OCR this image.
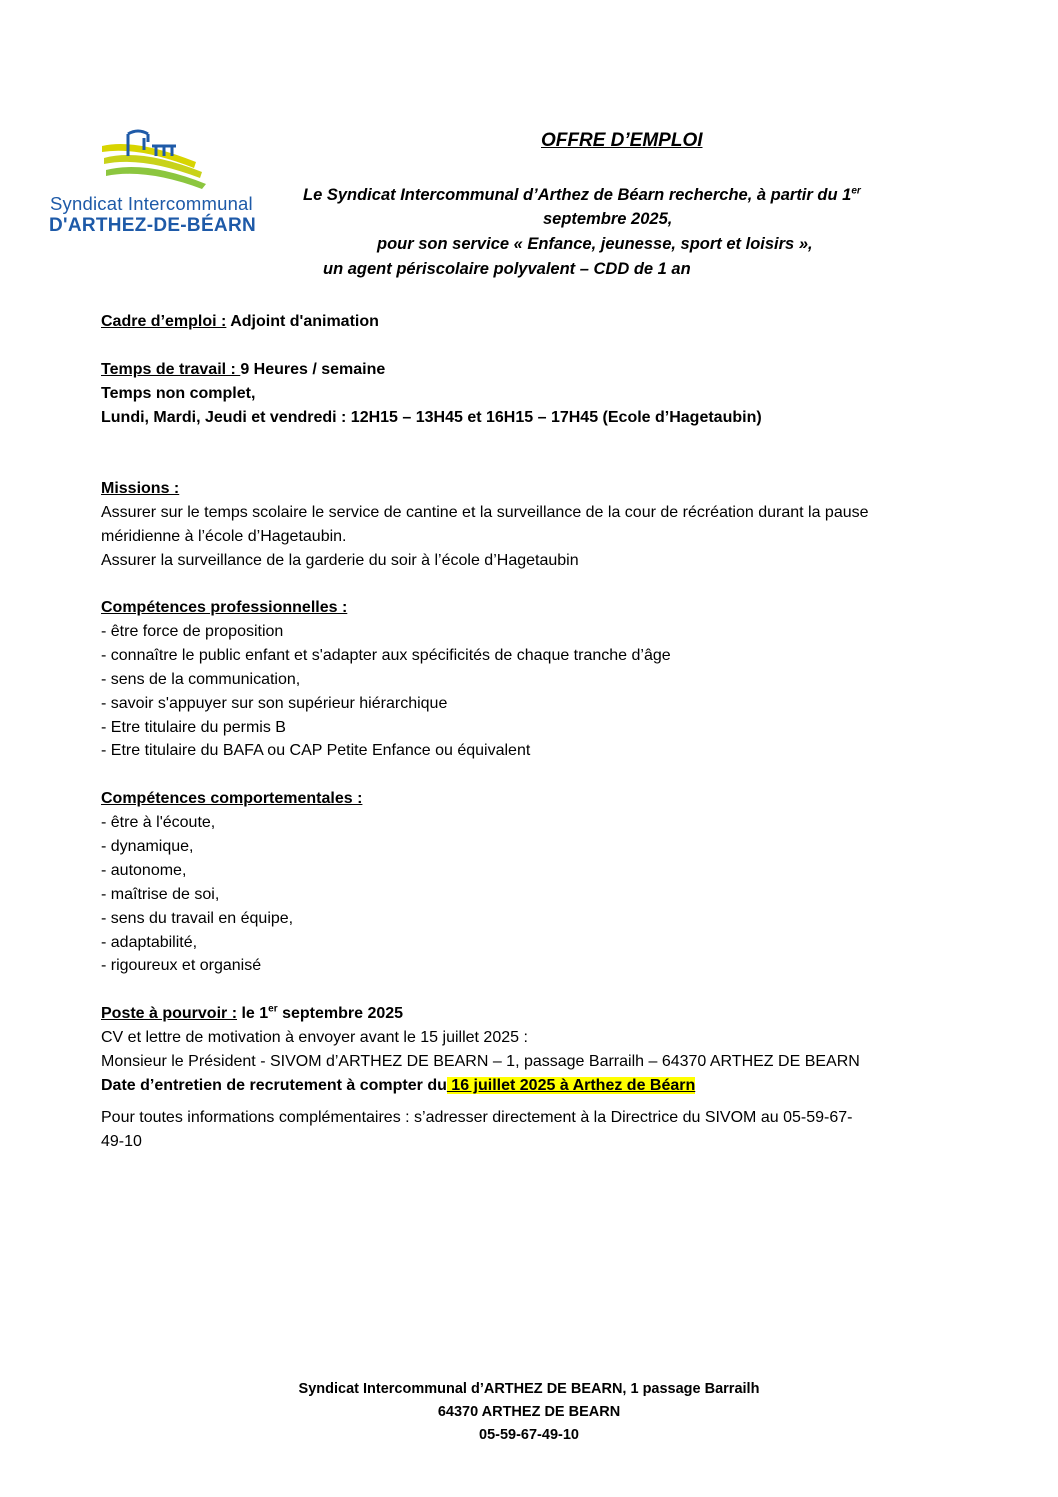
Syndicat Intercommunal
D'ARTHEZ-DE-BÉARN
OFFRE D’EMPLOI
Le Syndicat Intercommunal d’Arthez de Béarn recherche, à partir du 1er
septembre 2025,
pour son service « Enfance, jeunesse, sport et loisirs »,
un agent périscolaire polyvalent – CDD de 1 an
Cadre d’emploi : Adjoint d'animation
Temps de travail : 9 Heures / semaine
Temps non complet,
Lundi, Mardi, Jeudi et vendredi : 12H15 – 13H45 et 16H15 – 17H45 (Ecole d’Hagetaubin)
Missions :
Assurer sur le temps scolaire le service de cantine et la surveillance de la cour de récréation durant la pause
méridienne à l’école d’Hagetaubin.
Assurer la surveillance de la garderie du soir à l’école d’Hagetaubin
Compétences professionnelles :
- être force de proposition
- connaître le public enfant et s'adapter aux spécificités de chaque tranche d’âge
- sens de la communication,
- savoir s'appuyer sur son supérieur hiérarchique
- Etre titulaire du permis B
- Etre titulaire du BAFA ou CAP Petite Enfance ou équivalent
Compétences comportementales :
- être à l'écoute,
- dynamique,
- autonome,
- maîtrise de soi,
- sens du travail en équipe,
- adaptabilité,
- rigoureux et organisé
Poste à pourvoir : le 1er septembre 2025
CV et lettre de motivation à envoyer avant le 15 juillet 2025 :
Monsieur le Président - SIVOM d’ARTHEZ DE BEARN – 1, passage Barrailh – 64370 ARTHEZ DE BEARN
Date d’entretien de recrutement à compter du 16 juillet 2025 à Arthez de Béarn
Pour toutes informations complémentaires : s’adresser directement à la Directrice du SIVOM au 05-59-67-
49-10
Syndicat Intercommunal d’ARTHEZ DE BEARN, 1 passage Barrailh
64370 ARTHEZ DE BEARN
05-59-67-49-10
